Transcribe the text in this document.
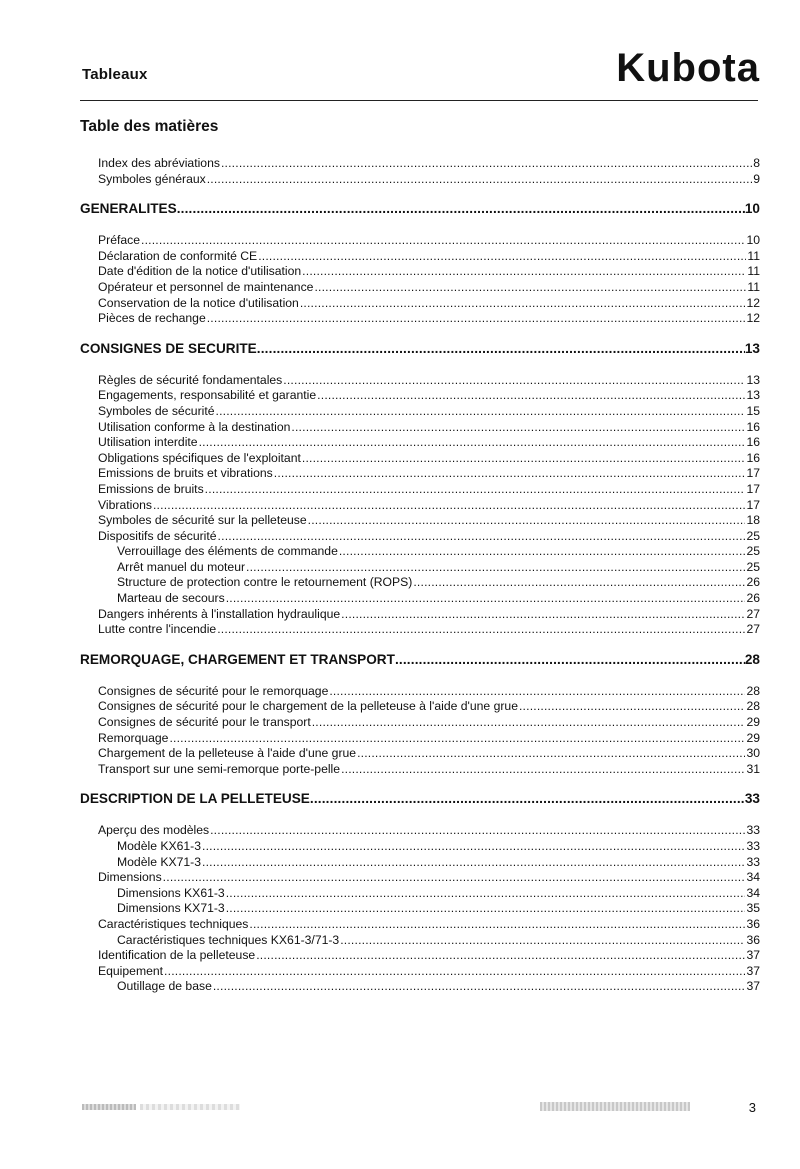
Tableaux	Kubota
Table des matières
Index des abréviations . . .	8
Symboles généraux . . .	9
GENERALITES . . .	10
Préface . . .	10
Déclaration de conformité CE . . .	11
Date d'édition de la notice d'utilisation . . .	11
Opérateur et personnel de maintenance . . .	11
Conservation de la notice d'utilisation . . .	12
Pièces de rechange . . .	12
CONSIGNES DE SECURITE . . .	13
Règles de sécurité fondamentales . . .	13
Engagements, responsabilité et garantie . . .	13
Symboles de sécurité . . .	15
Utilisation conforme à la destination . . .	16
Utilisation interdite . . .	16
Obligations spécifiques de l'exploitant . . .	16
Emissions de bruits et vibrations . . .	17
Emissions de bruits . . .	17
Vibrations . . .	17
Symboles de sécurité sur la pelleteuse . . .	18
Dispositifs de sécurité . . .	25
Verrouillage des éléments de commande . . .	25
Arrêt manuel du moteur . . .	25
Structure de protection contre le retournement (ROPS) . . .	26
Marteau de secours . . .	26
Dangers inhérents à l'installation hydraulique . . .	27
Lutte contre l'incendie . . .	27
REMORQUAGE, CHARGEMENT ET TRANSPORT . . .	28
Consignes de sécurité pour le remorquage . . .	28
Consignes de sécurité pour le chargement de la pelleteuse à l'aide d'une grue . . .	28
Consignes de sécurité pour le transport . . .	29
Remorquage . . .	29
Chargement de la pelleteuse à l'aide d'une grue . . .	30
Transport sur une semi-remorque porte-pelle . . .	31
DESCRIPTION DE LA PELLETEUSE . . .	33
Aperçu des modèles . . .	33
Modèle KX61-3 . . .	33
Modèle KX71-3 . . .	33
Dimensions . . .	34
Dimensions KX61-3 . . .	34
Dimensions KX71-3 . . .	35
Caractéristiques techniques . . .	36
Caractéristiques techniques KX61-3/71-3 . . .	36
Identification de la pelleteuse . . .	37
Equipement . . .	37
Outillage de base . . .	37
3
